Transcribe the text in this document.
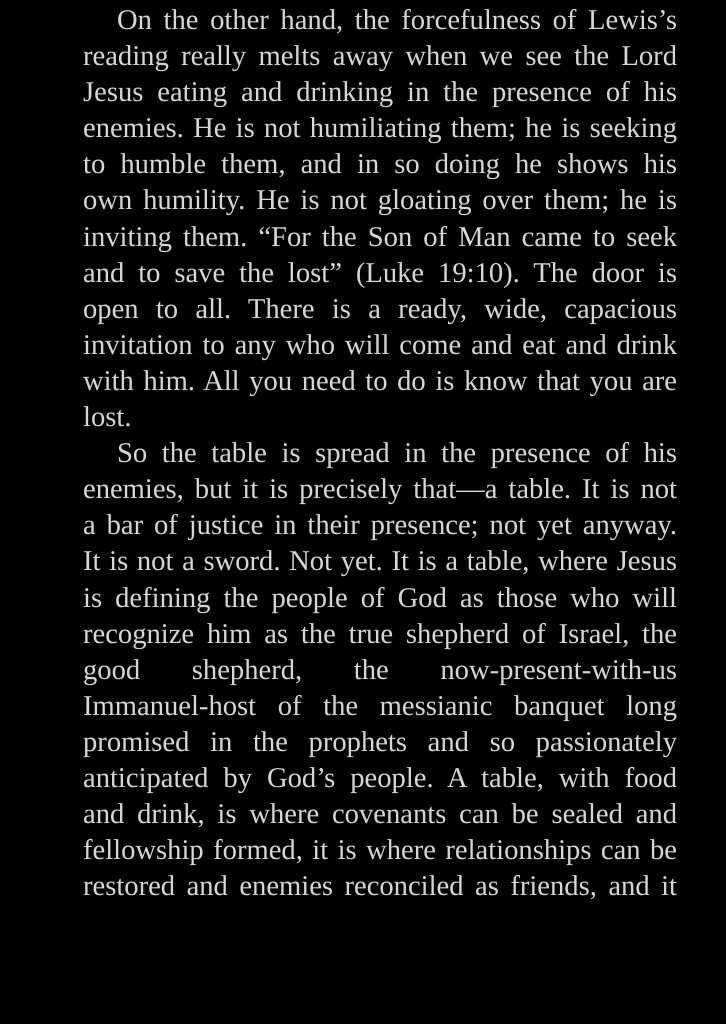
On the other hand, the forcefulness of Lewis’s
reading really melts away when we see the Lord
Jesus eating and drinking in the presence of his
enemies. He is not humiliating them; he is seeking
to humble them, and in so doing he shows his
own humility. He is not gloating over them; he is
inviting them. “For the Son of Man came to seek
and to save the lost” (Luke 19:10). The door is
open to all. There is a ready, wide, capacious
invitation to any who will come and eat and drink
with him. All you need to do is know that you are
lost.
So the table is spread in the presence of his
enemies, but it is precisely that—a table. It is not
a bar of justice in their presence; not yet anyway.
It is not a sword. Not yet. It is a table, where Jesus
is defining the people of God as those who will
recognize him as the true shepherd of Israel, the
good shepherd, the now-present-with-us
Immanuel-host of the messianic banquet long
promised in the prophets and so passionately
anticipated by God’s people. A table, with food
and drink, is where covenants can be sealed and
fellowship formed, it is where relationships can be
restored and enemies reconciled as friends, and it
